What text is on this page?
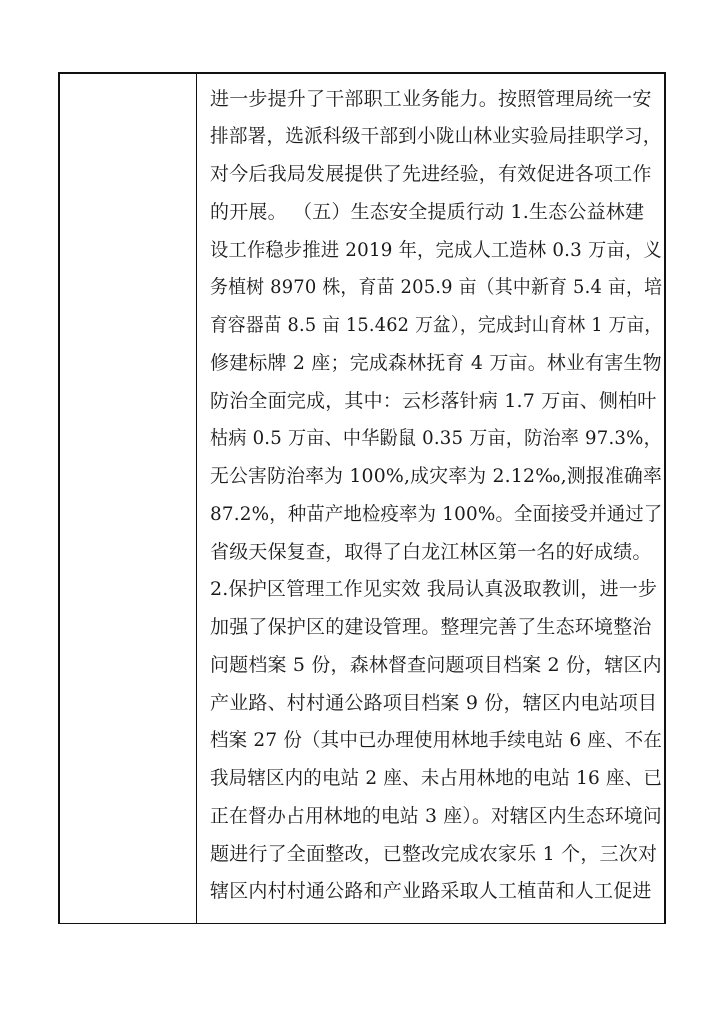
进一步提升了干部职工业务能力。按照管理局统一安
排部署，选派科级干部到小陇山林业实验局挂职学习，
对今后我局发展提供了先进经验，有效促进各项工作
的开展。 （五）生态安全提质行动 1.生态公益林建
设工作稳步推进 2019 年，完成人工造林 0.3 万亩，义
务植树 8970 株，育苗 205.9 亩（其中新育 5.4 亩，培
育容器苗 8.5 亩 15.462 万盆），完成封山育林 1 万亩，
修建标牌 2 座；完成森林抚育 4 万亩。林业有害生物
防治全面完成，其中：云杉落针病 1.7 万亩、侧柏叶
枯病 0.5 万亩、中华鼢鼠 0.35 万亩，防治率 97.3%，
无公害防治率为 100%,成灾率为 2.12‰,测报准确率
87.2%，种苗产地检疫率为 100%。全面接受并通过了
省级天保复查，取得了白龙江林区第一名的好成绩。
2.保护区管理工作见实效 我局认真汲取教训，进一步
加强了保护区的建设管理。整理完善了生态环境整治
问题档案 5 份，森林督查问题项目档案 2 份，辖区内
产业路、村村通公路项目档案 9 份，辖区内电站项目
档案 27 份（其中已办理使用林地手续电站 6 座、不在
我局辖区内的电站 2 座、未占用林地的电站 16 座、已
正在督办占用林地的电站 3 座）。对辖区内生态环境问
题进行了全面整改，已整改完成农家乐 1 个，三次对
辖区内村村通公路和产业路采取人工植苗和人工促进
